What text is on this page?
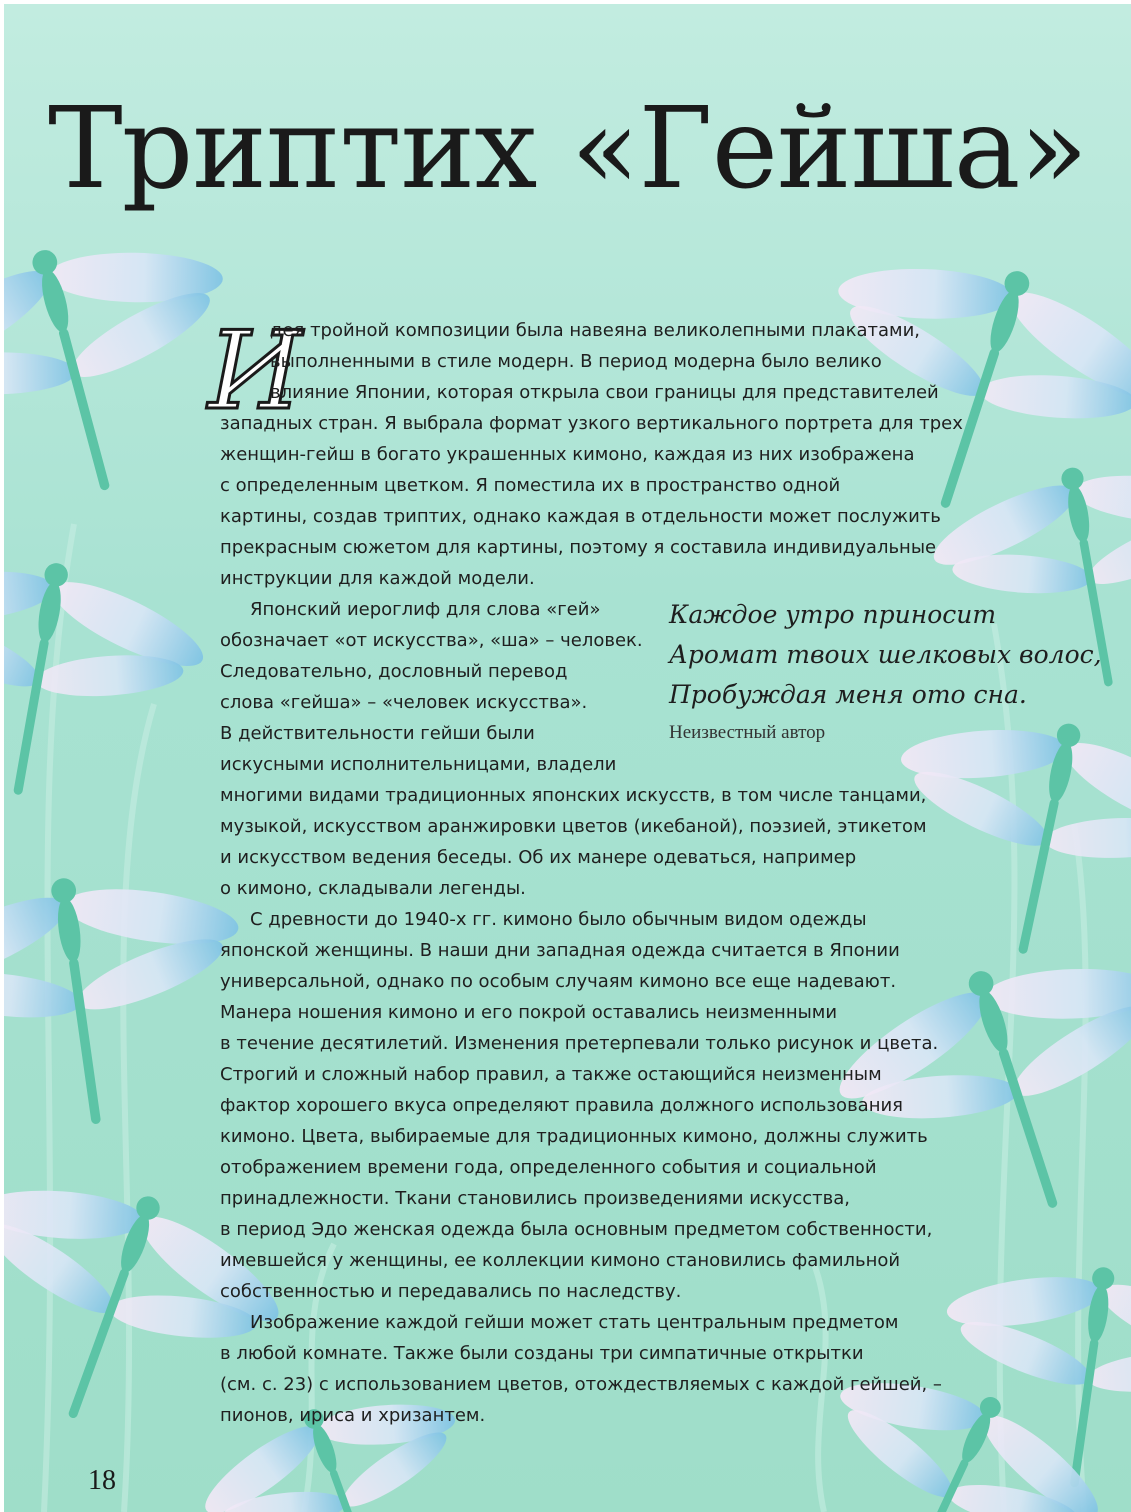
Триптих «Гейша»
И
дея тройной композиции была навеяна великолепными плакатами,
выполненными в стиле модерн. В период модерна было велико
влияние Японии, которая открыла свои границы для представителей
западных стран. Я выбрала формат узкого вертикального портрета для трех
женщин-гейш в богато украшенных кимоно, каждая из них изображена
с определенным цветком. Я поместила их в пространство одной
картины, создав триптих, однако каждая в отдельности может послужить
прекрасным сюжетом для картины, поэтому я составила индивидуальные
инструкции для каждой модели.
Японский иероглиф для слова «гей»
обозначает «от искусства», «ша» – человек.
Следовательно, дословный перевод
слова «гейша» – «человек искусства».
В действительности гейши были
искусными исполнительницами, владели
многими видами традиционных японских искусств, в том числе танцами,
музыкой, искусством аранжировки цветов (икебаной), поэзией, этикетом
и искусством ведения беседы. Об их манере одеваться, например
о кимоно, складывали легенды.
С древности до 1940-х гг. кимоно было обычным видом одежды
японской женщины. В наши дни западная одежда считается в Японии
универсальной, однако по особым случаям кимоно все еще надевают.
Манера ношения кимоно и его покрой оставались неизменными
в течение десятилетий. Изменения претерпевали только рисунок и цвета.
Строгий и сложный набор правил, а также остающийся неизменным
фактор хорошего вкуса определяют правила должного использования
кимоно. Цвета, выбираемые для традиционных кимоно, должны служить
отображением времени года, определенного события и социальной
принадлежности. Ткани становились произведениями искусства,
в период Эдо женская одежда была основным предметом собственности,
имевшейся у женщины, ее коллекции кимоно становились фамильной
собственностью и передавались по наследству.
Изображение каждой гейши может стать центральным предметом
в любой комнате. Также были созданы три симпатичные открытки
(см. с. 23) с использованием цветов, отождествляемых с каждой гейшей, –
пионов, ириса и хризантем.
Каждое утро приносит
Аромат твоих шелковых волос,
Пробуждая меня ото сна.
Неизвестный автор
18
